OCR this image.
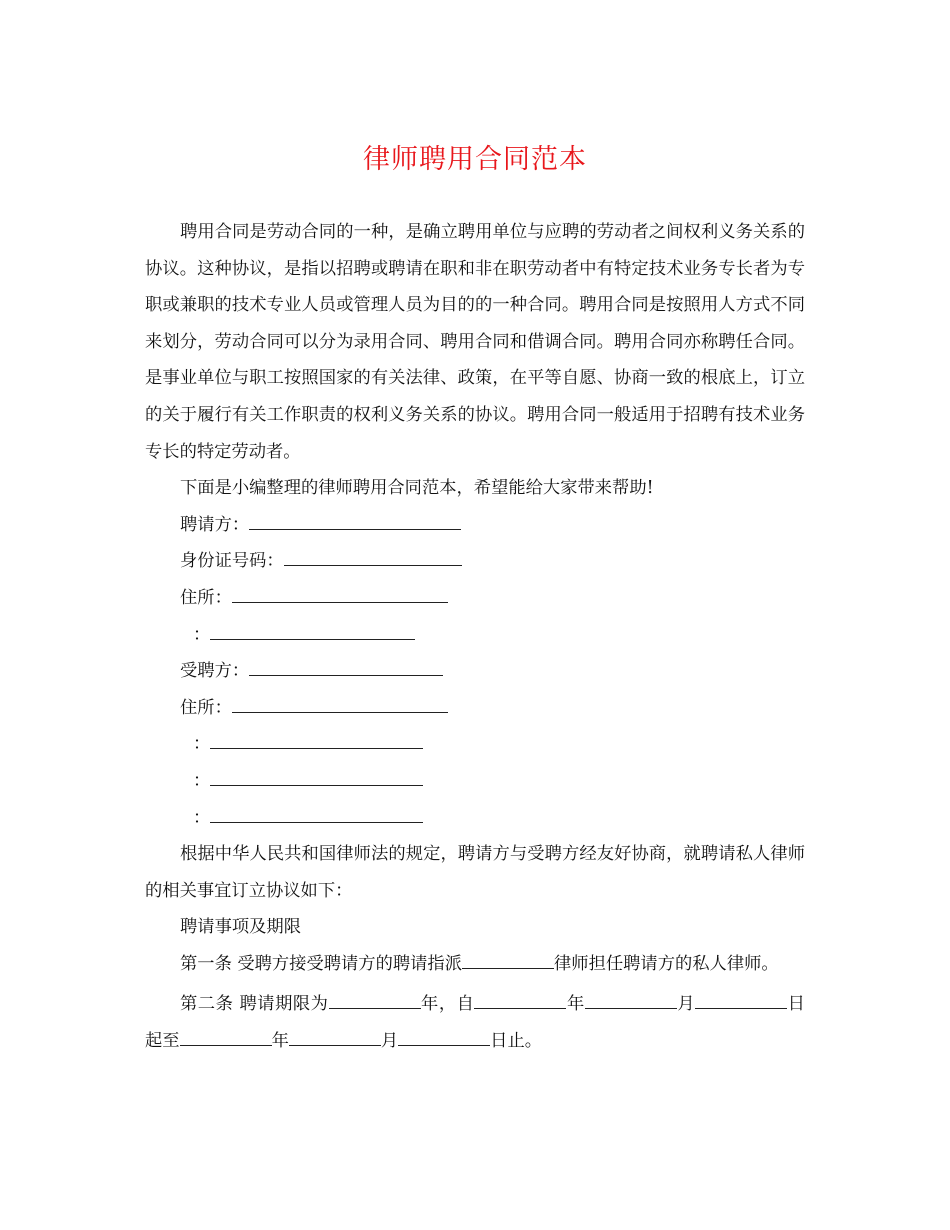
律师聘用合同范本

聘用合同是劳动合同的一种，是确立聘用单位与应聘的劳动者之间权利义务关系的协议。这种协议，是指以招聘或聘请在职和非在职劳动者中有特定技术业务专长者为专职或兼职的技术专业人员或管理人员为目的的一种合同。聘用合同是按照用人方式不同来划分，劳动合同可以分为录用合同、聘用合同和借调合同。聘用合同亦称聘任合同。是事业单位与职工按照国家的有关法律、政策，在平等自愿、协商一致的根底上，订立的关于履行有关工作职责的权利义务关系的协议。聘用合同一般适用于招聘有技术业务专长的特定劳动者。

下面是小编整理的律师聘用合同范本，希望能给大家带来帮助!

聘请方：

身份证号码：

住所：

：

受聘方：

住所：

：

：

：

根据中华人民共和国律师法的规定，聘请方与受聘方经友好协商，就聘请私人律师的相关事宜订立协议如下：

聘请事项及期限

第一条 受聘方接受聘请方的聘请指派	律师担任聘请方的私人律师。

第二条 聘请期限为	年，自	年	月	日起至	年	月	日止。
